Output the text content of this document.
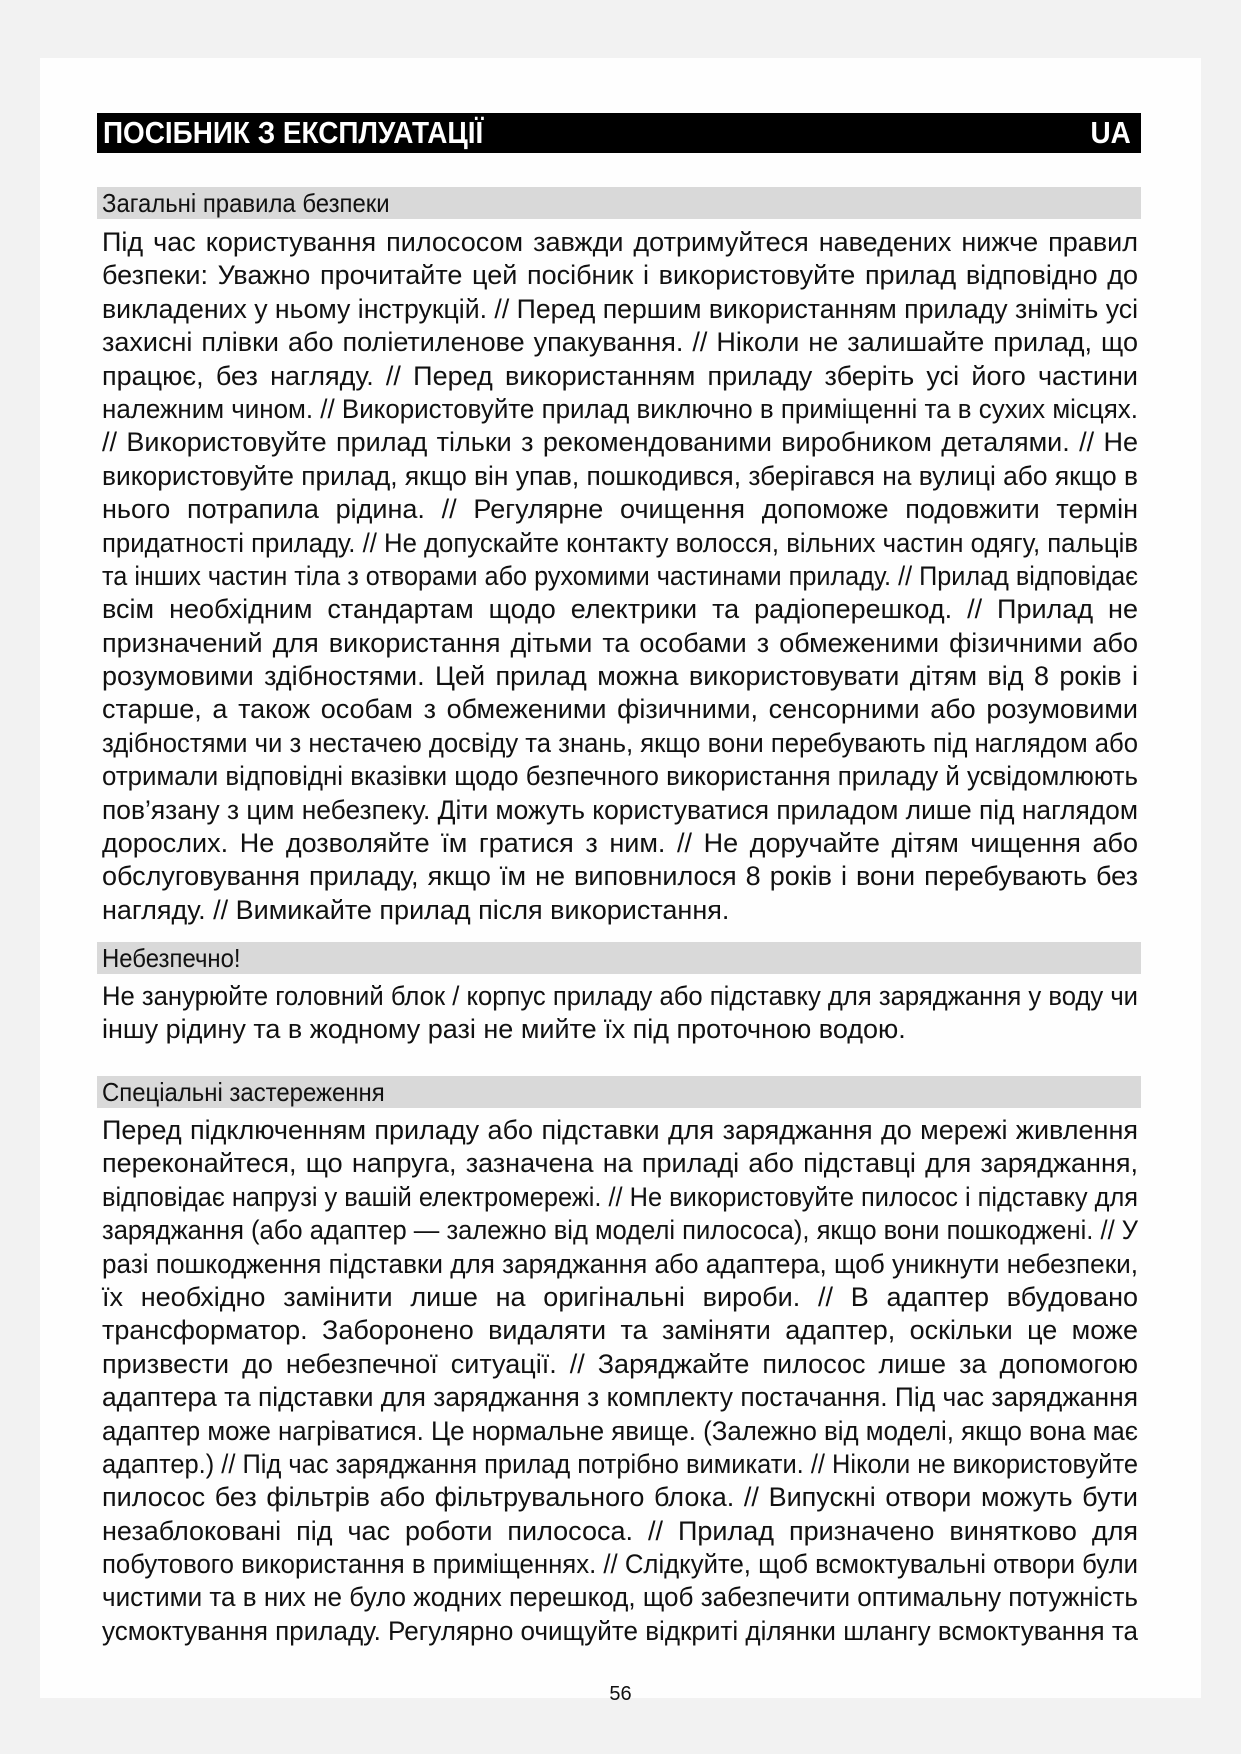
ПОСІБНИК З ЕКСПЛУАТАЦІЇ	UA
Загальні правила безпеки
Під час користування пилососом завжди дотримуйтеся наведених нижче правил
безпеки: Уважно прочитайте цей посібник і використовуйте прилад відповідно до
викладених у ньому інструкцій. // Перед першим використанням приладу зніміть усі
захисні плівки або поліетиленове упакування. // Ніколи не залишайте прилад, що
працює, без нагляду. // Перед використанням приладу зберіть усі його частини
належним чином. // Використовуйте прилад виключно в приміщенні та в сухих місцях.
// Використовуйте прилад тільки з рекомендованими виробником деталями. // Не
використовуйте прилад, якщо він упав, пошкодився, зберігався на вулиці або якщо в
нього потрапила рідина. // Регулярне очищення допоможе подовжити термін
придатності приладу. // Не допускайте контакту волосся, вільних частин одягу, пальців
та інших частин тіла з отворами або рухомими частинами приладу. // Прилад відповідає
всім необхідним стандартам щодо електрики та радіоперешкод. // Прилад не
призначений для використання дітьми та особами з обмеженими фізичними або
розумовими здібностями. Цей прилад можна використовувати дітям від 8 років і
старше, а також особам з обмеженими фізичними, сенсорними або розумовими
здібностями чи з нестачею досвіду та знань, якщо вони перебувають під наглядом або
отримали відповідні вказівки щодо безпечного використання приладу й усвідомлюють
пов’язану з цим небезпеку. Діти можуть користуватися приладом лише під наглядом
дорослих. Не дозволяйте їм гратися з ним. // Не доручайте дітям чищення або
обслуговування приладу, якщо їм не виповнилося 8 років і вони перебувають без
нагляду. // Вимикайте прилад після використання.
Небезпечно!
Не занурюйте головний блок / корпус приладу або підставку для заряджання у воду чи
іншу рідину та в жодному разі не мийте їх під проточною водою.
Спеціальні застереження
Перед підключенням приладу або підставки для заряджання до мережі живлення
переконайтеся, що напруга, зазначена на приладі або підставці для заряджання,
відповідає напрузі у вашій електромережі. // Не використовуйте пилосос і підставку для
заряджання (або адаптер — залежно від моделі пилососа), якщо вони пошкоджені. // У
разі пошкодження підставки для заряджання або адаптера, щоб уникнути небезпеки,
їх необхідно замінити лише на оригінальні вироби. // В адаптер вбудовано
трансформатор. Заборонено видаляти та заміняти адаптер, оскільки це може
призвести до небезпечної ситуації. // Заряджайте пилосос лише за допомогою
адаптера та підставки для заряджання з комплекту постачання. Під час заряджання
адаптер може нагріватися. Це нормальне явище. (Залежно від моделі, якщо вона має
адаптер.) // Під час заряджання прилад потрібно вимикати. // Ніколи не використовуйте
пилосос без фільтрів або фільтрувального блока. // Випускні отвори можуть бути
незаблоковані під час роботи пилососа. // Прилад призначено винятково для
побутового використання в приміщеннях. // Слідкуйте, щоб всмоктувальні отвори були
чистими та в них не було жодних перешкод, щоб забезпечити оптимальну потужність
усмоктування приладу. Регулярно очищуйте відкриті ділянки шлангу всмоктування та
56
